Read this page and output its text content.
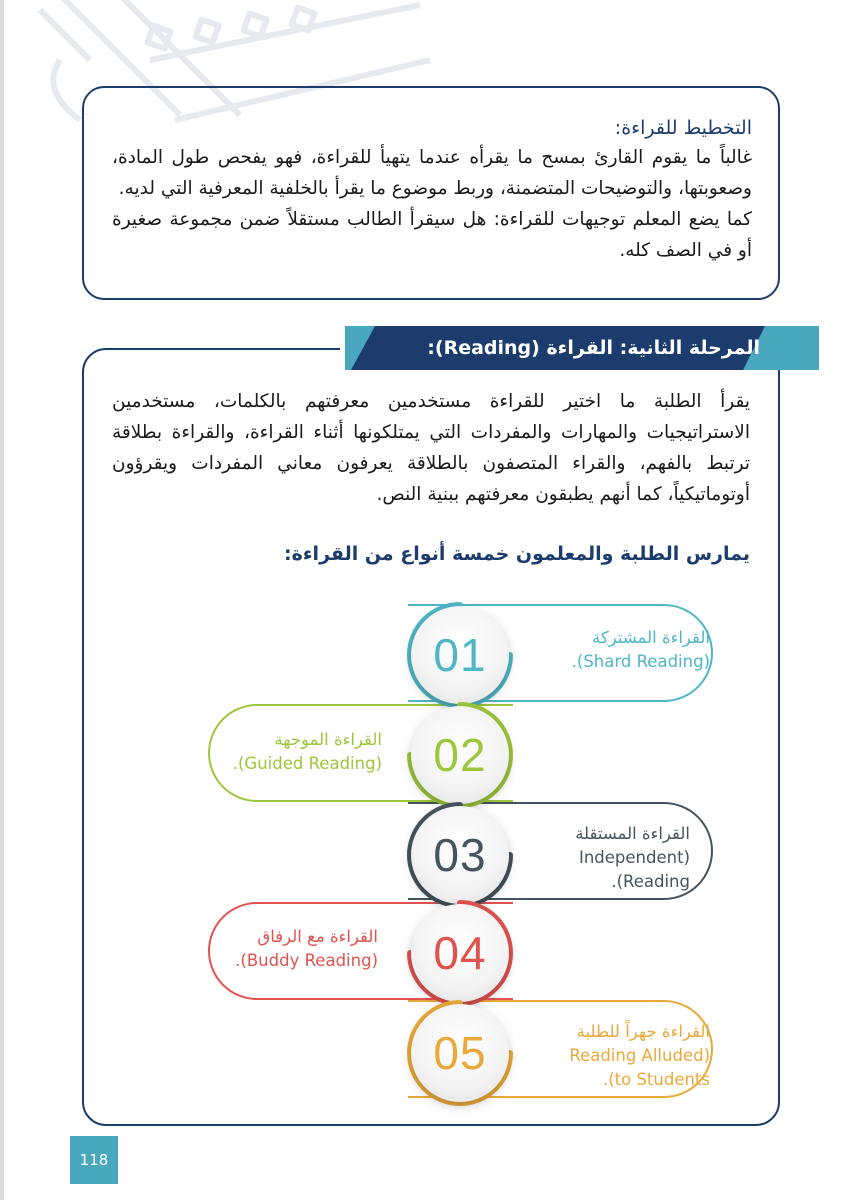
التخطيط للقراءة:

غالباً ما يقوم القارئ بمسح ما يقرأه عندما يتهيأ للقراءة، فهو يفحص طول المادة، وصعوبتها، والتوضيحات المتضمنة، وربط موضوع ما يقرأ بالخلفية المعرفية التي لديه.

كما يضع المعلم توجيهات للقراءة: هل سيقرأ الطالب مستقلاً ضمن مجموعة صغيرة أو في الصف كله.

المرحلة الثانية: القراءة (Reading):

يقرأ الطلبة ما اختير للقراءة مستخدمين معرفتهم بالكلمات، مستخدمين الاستراتيجيات والمهارات والمفردات التي يمتلكونها أثناء القراءة، والقراءة بطلاقة ترتبط بالفهم، والقراء المتصفون بالطلاقة يعرفون معاني المفردات ويقرؤون أوتوماتيكياً، كما أنهم يطبقون معرفتهم ببنية النص.

يمارس الطلبة والمعلمون خمسة أنواع من القراءة:

القراءة المشتركة
(Shard Reading).
القراءة الموجهة
(Guided Reading).
القراءة المستقلة
(Independent
Reading).
القراءة مع الرفاق
(Buddy Reading).
القراءة جهراً للطلبة
(Reading Alluded
to Students).
01
02
03
04
05
118
